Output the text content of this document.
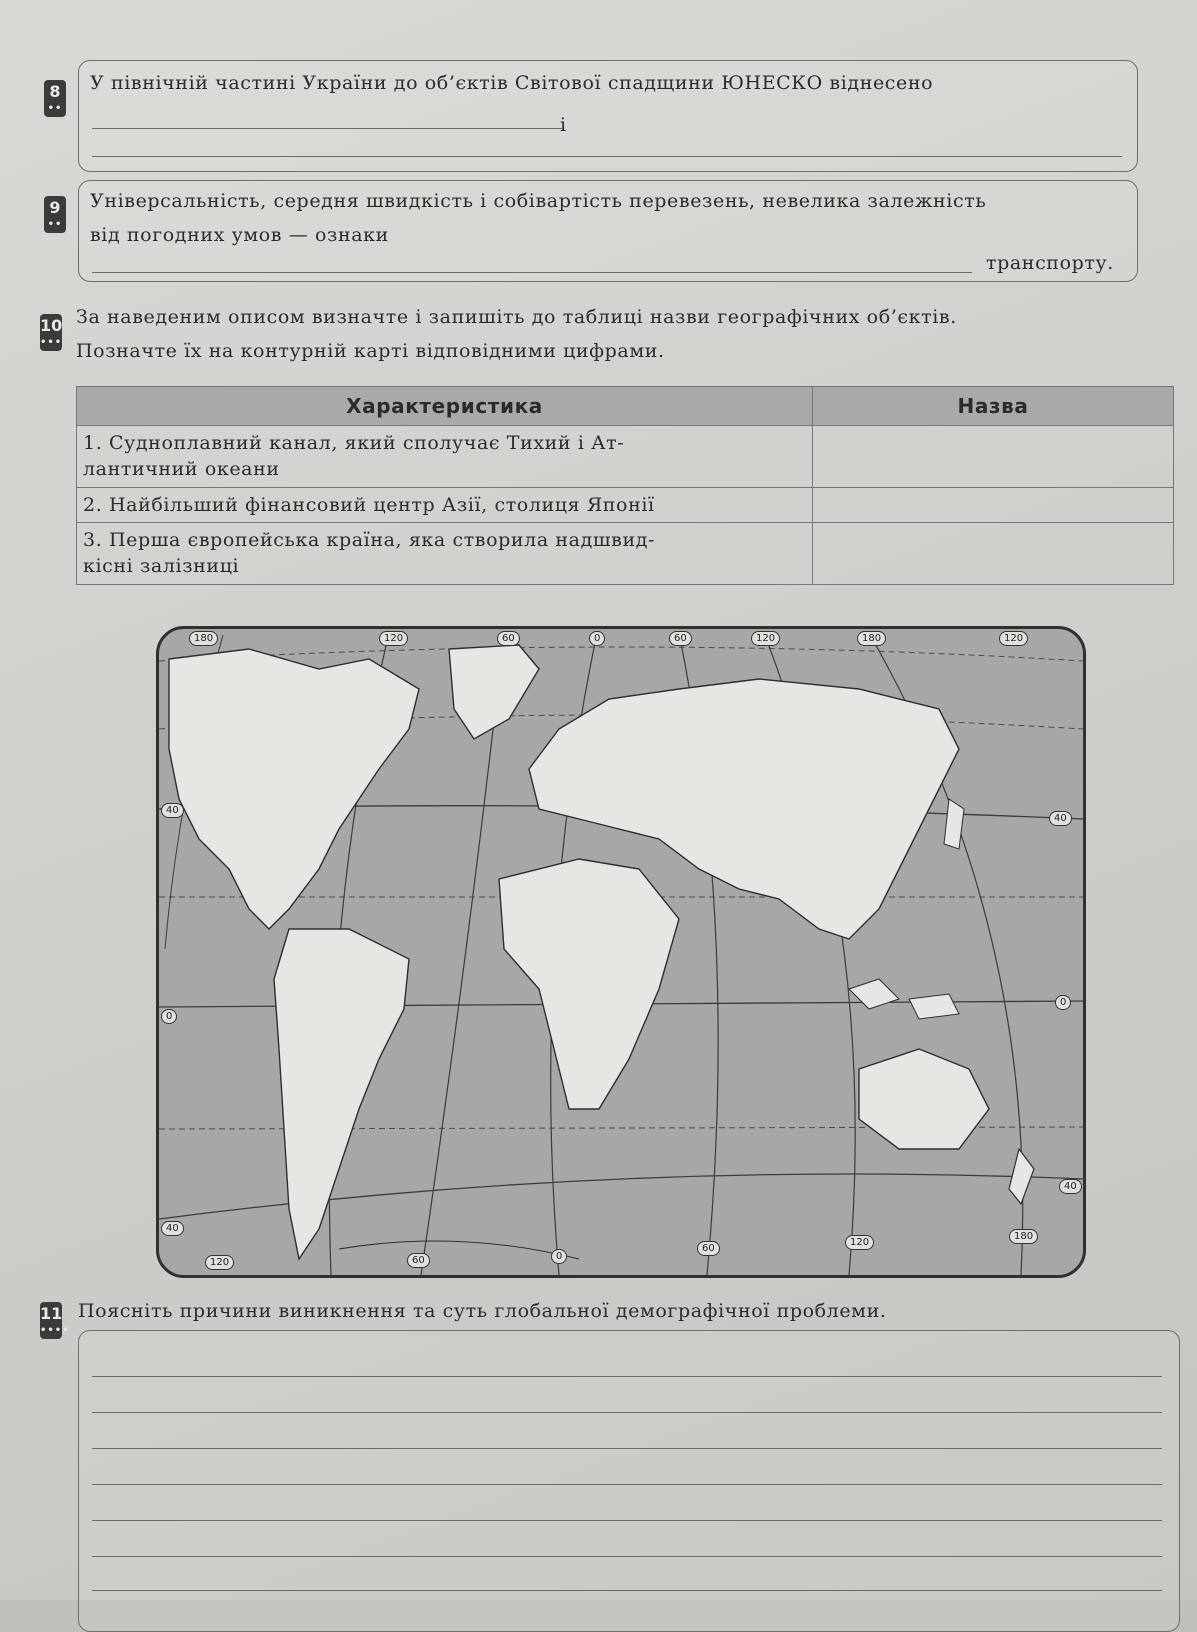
8
••
У північній частині України до об’єктів Світової спадщини ЮНЕСКО віднесено
і
9
••
Універсальність, середня швидкість і собівартість перевезень, невелика залежність
від погодних умов — ознаки
транспорту.
10
•••
За наведеним описом визначте і запишіть до таблиці назви географічних об’єктів.
Позначте їх на контурній карті відповідними цифрами.
Характеристика	Назва

1. Судноплавний канал, який сполучає Тихий і Ат-
лантичний океани	

2. Найбільший фінансовий центр Азії, столиця Японії	

3. Перша європейська країна, яка створила надшвид-
кісні залізниці	

180	120	60	0	60	120	180	120
40
0
40
40
0
40
120	60	0
60
120
180
11
••••
Поясніть причини виникнення та суть глобальної демографічної проблеми.
